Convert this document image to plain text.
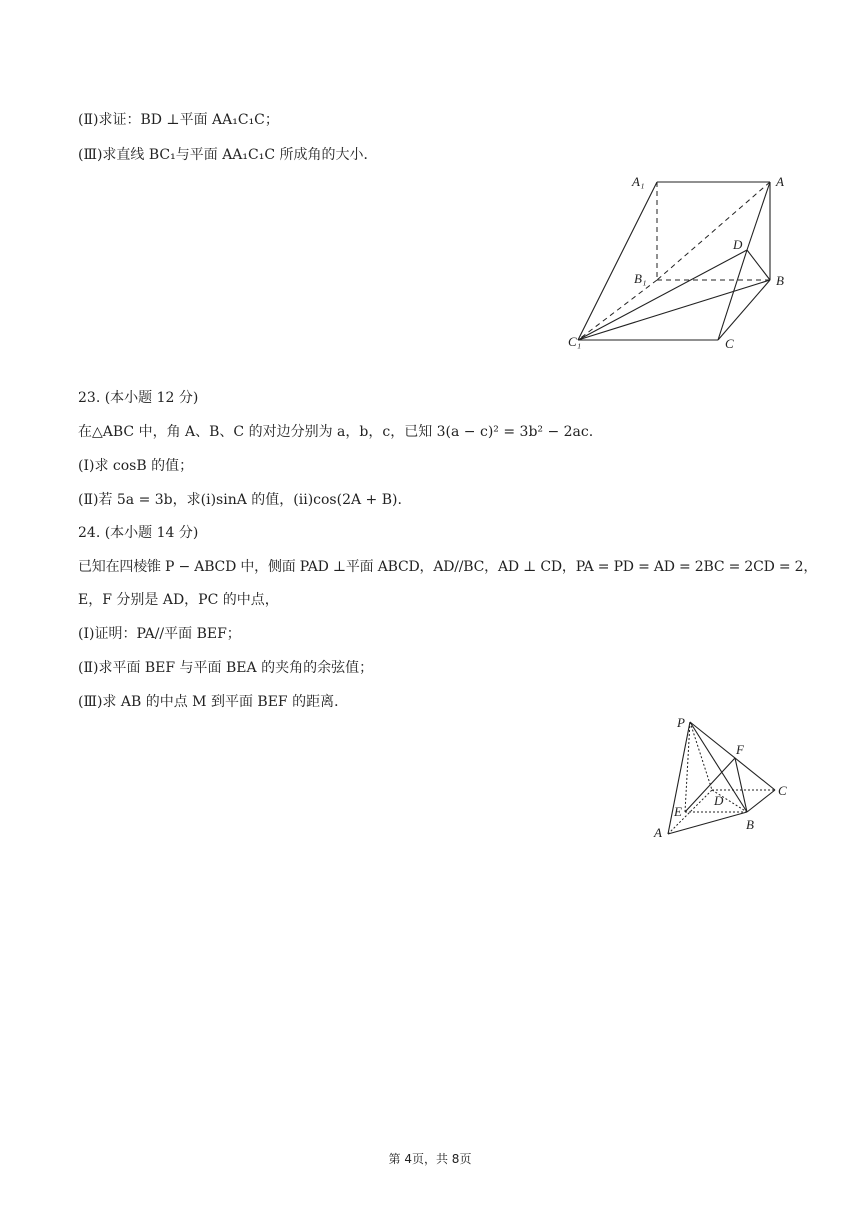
(Ⅱ)求证：BD ⊥平面 AA₁C₁C；
(Ⅲ)求直线 BC₁与平面 AA₁C₁C 所成角的大小．
A₁	A
D
B₁	B
C₁	C
23. (本小题 12 分)
在△ABC 中，角 A、B、C 的对边分别为 a，b，c，已知 3(a − c)² = 3b² − 2ac.
(Ⅰ)求 cosB 的值；
(Ⅱ)若 5a = 3b，求(i)sinA 的值，(ii)cos(2A + B).
24. (本小题 14 分)
已知在四棱锥 P − ABCD 中，侧面 PAD ⊥平面 ABCD，AD//BC，AD ⊥ CD，PA = PD = AD = 2BC = 2CD = 2，
E，F 分别是 AD，PC 的中点，
(Ⅰ)证明：PA//平面 BEF；
(Ⅱ)求平面 BEF 与平面 BEA 的夹角的余弦值；
(Ⅲ)求 AB 的中点 M 到平面 BEF 的距离．
P
F
D
C
E
A
B
第 4页，共 8页
